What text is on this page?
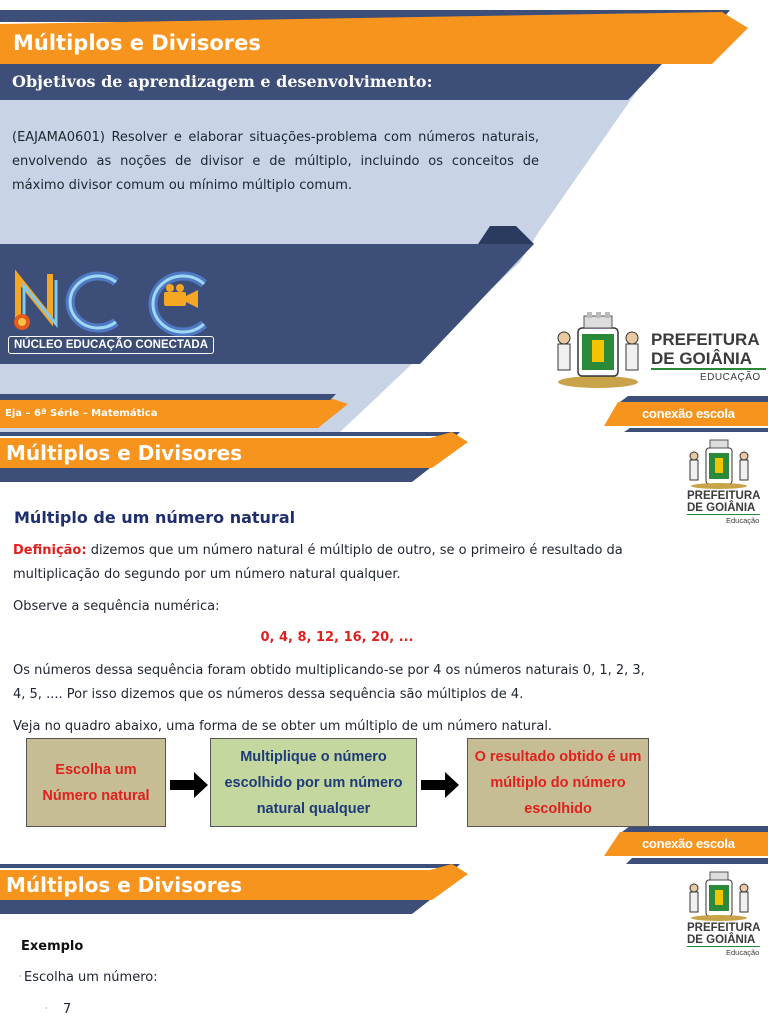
Múltiplos e Divisores
Objetivos de aprendizagem e desenvolvimento:
(EAJAMA0601) Resolver e elaborar situações-problema com números naturais, envolvendo as noções de divisor e de múltiplo, incluindo os conceitos de máximo divisor comum ou mínimo múltiplo comum.
NÚCLEO EDUCAÇÃO CONECTADA	PREFEITURA
DE GOIÂNIA
EDUCAÇÃO
Eja – 6ª Série – Matemática	conexão escola
Múltiplos e Divisores
PREFEITURA
DE GOIÂNIA
Educação
Múltiplo de um número natural
Definição: dizemos que um número natural é múltiplo de outro, se o primeiro é resultado da multiplicação do segundo por um número natural qualquer.
Observe a sequência numérica:
0, 4, 8, 12, 16, 20, ...
Os números dessa sequência foram obtido multiplicando-se por 4 os números naturais 0, 1, 2, 3, 4, 5, .... Por isso dizemos que os números dessa sequência são múltiplos de 4.
Veja no quadro abaixo, uma forma de se obter um múltiplo de um número natural.
Escolha um Número natural
Multiplique o número escolhido por um número natural qualquer
O resultado obtido é um múltiplo do número escolhido
conexão escola
Múltiplos e Divisores
PREFEITURA
DE GOIÂNIA
Educação
Exemplo
· Escolha um número:
· 7
